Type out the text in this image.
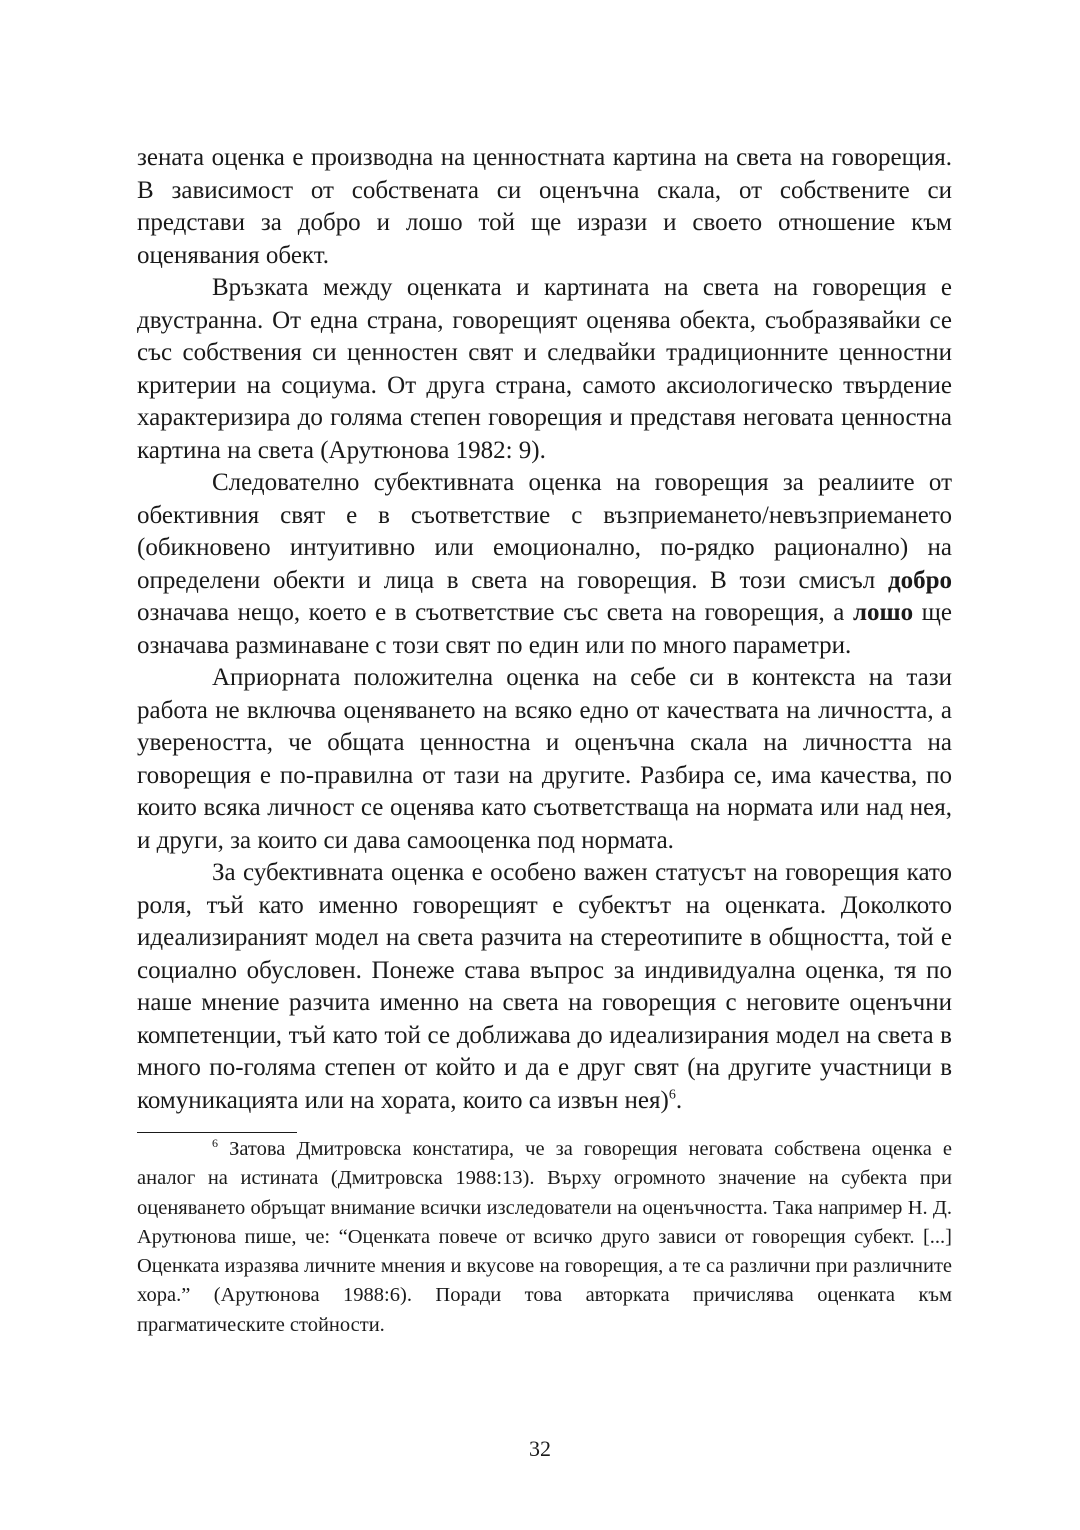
зената оценка е производна на ценностната картина на света на говорещия. В зависимост от собствената си оценъчна скала, от собствените си представи за добро и лошо той ще изрази и своето отношение към оценявания обект.

Връзката между оценката и картината на света на говорещия е двустранна. От една страна, говорещият оценява обекта, съобразявайки се със собствения си ценностен свят и следвайки традиционните ценностни критерии на социума. От друга страна, самото аксиологическо твърдение характеризира до голяма степен говорещия и представя неговата ценностна картина на света (Арутюнова 1982: 9).

Следователно субективната оценка на говорещия за реалиите от обективния свят е в съответствие с възприемането/невъзприемането (обикновено интуитивно или емоционално, по-рядко рационално) на определени обекти и лица в света на говорещия. В този смисъл добро означава нещо, което е в съответствие със света на говорещия, а лошо ще означава разминаване с този свят по един или по много параметри.

Априорната положителна оценка на себе си в контекста на тази работа не включва оценяването на всяко едно от качествата на личността, а увереността, че общата ценностна и оценъчна скала на личността на говорещия е по-правилна от тази на другите. Разбира се, има качества, по които всяка личност се оценява като съответстваща на нормата или над нея, и други, за които си дава самооценка под нормата.

За субективната оценка е особено важен статусът на говорещия като роля, тъй като именно говорещият е субектът на оценката. Доколкото идеализираният модел на света разчита на стереотипите в общността, той е социално обусловен. Понеже става въпрос за индивидуална оценка, тя по наше мнение разчита именно на света на говорещия с неговите оценъчни компетенции, тъй като той се доближава до идеализирания модел на света в много по-голяма степен от който и да е друг свят (на другите участници в комуникацията или на хората, които са извън нея)$^6$.

$^6$ Затова Дмитровска констатира, че за говорещия неговата собствена оценка е аналог на истината (Дмитровска 1988:13). Върху огромното значение на субекта при оценяването обръщат внимание всички изследователи на оценъчността. Така например Н. Д. Арутюнова пише, че: “Оценката повече от всичко друго зависи от говорещия субект. [...] Оценката изразява личните мнения и вкусове на говорещия, а те са различни при различните хора.” (Арутюнова 1988:6). Поради това авторката причислява оценката към прагматическите стойности.

32
